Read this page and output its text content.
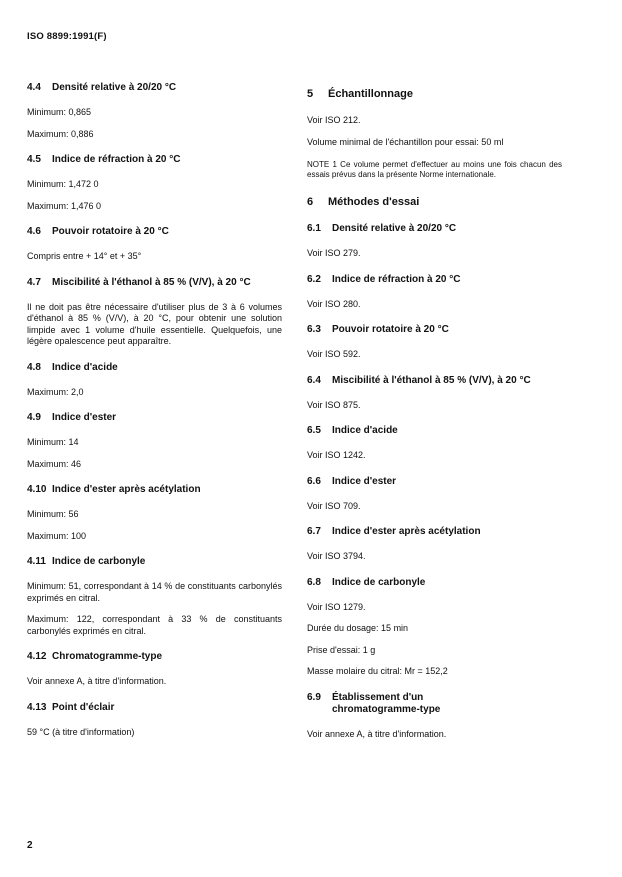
ISO 8899:1991(F)
4.4 Densité relative à 20/20 °C

Minimum: 0,865

Maximum: 0,886

4.5 Indice de réfraction à 20 °C

Minimum: 1,472 0

Maximum: 1,476 0

4.6 Pouvoir rotatoire à 20 °C

Compris entre + 14° et + 35°

4.7 Miscibilité à l'éthanol à 85 % (V/V), à 20 °C

Il ne doit pas être nécessaire d'utiliser plus de 3 à 6 volumes d'éthanol à 85 % (V/V), à 20 °C, pour obtenir une solution limpide avec 1 volume d'huile essentielle. Quelquefois, une légère opalescence peut apparaître.

4.8 Indice d'acide

Maximum: 2,0

4.9 Indice d'ester

Minimum: 14

Maximum: 46

4.10 Indice d'ester après acétylation

Minimum: 56

Maximum: 100

4.11 Indice de carbonyle

Minimum: 51, correspondant à 14 % de constituants carbonylés exprimés en citral.

Maximum: 122, correspondant à 33 % de constituants carbonylés exprimés en citral.

4.12 Chromatogramme-type

Voir annexe A, à titre d'information.

4.13 Point d'éclair

59 °C (à titre d'information)

5 Échantillonnage

Voir ISO 212.

Volume minimal de l'échantillon pour essai: 50 ml

NOTE 1 Ce volume permet d'effectuer au moins une fois chacun des essais prévus dans la présente Norme internationale.

6 Méthodes d'essai
6.1 Densité relative à 20/20 °C

Voir ISO 279.

6.2 Indice de réfraction à 20 °C

Voir ISO 280.

6.3 Pouvoir rotatoire à 20 °C

Voir ISO 592.

6.4 Miscibilité à l'éthanol à 85 % (V/V), à 20 °C

Voir ISO 875.

6.5 Indice d'acide

Voir ISO 1242.

6.6 Indice d'ester

Voir ISO 709.

6.7 Indice d'ester après acétylation

Voir ISO 3794.

6.8 Indice de carbonyle

Voir ISO 1279.

Durée du dosage: 15 min

Prise d'essai: 1 g

Masse molaire du citral: Mr = 152,2

6.9	Établissement d'un chromatogramme-type

Voir annexe A, à titre d'information.

2
